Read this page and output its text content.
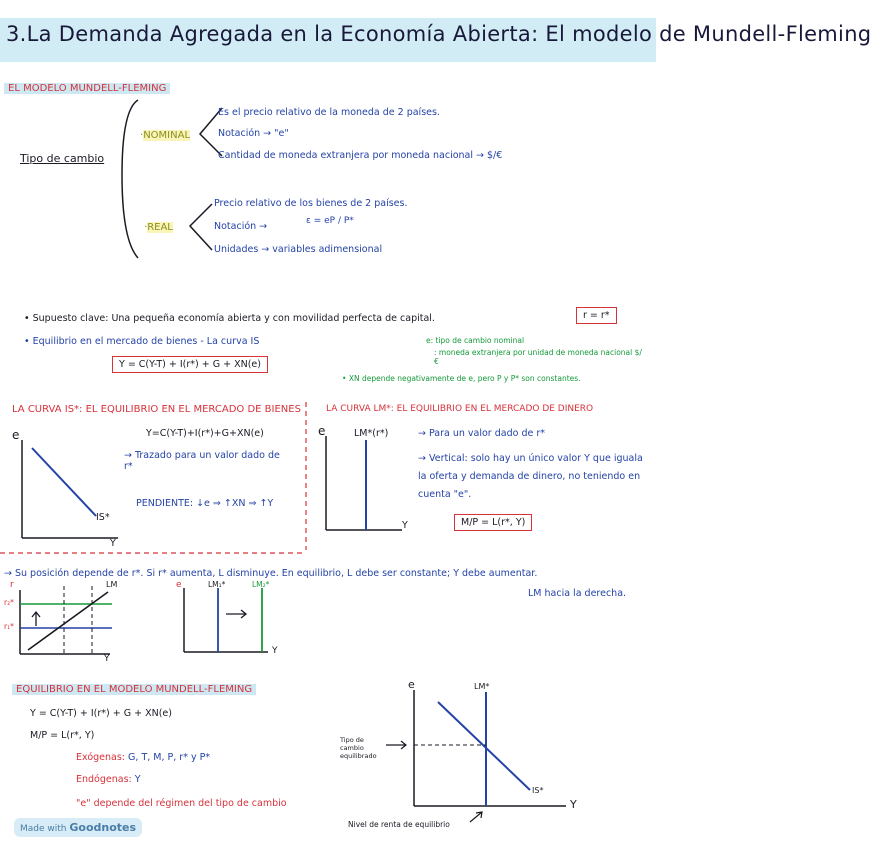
3.La Demanda Agregada en la Economía Abierta: El modelo de Mundell-Fleming
EL MODELO MUNDELL-FLEMING
Tipo de cambio
·NOMINAL
Es el precio relativo de la moneda de 2 países.
Notación → "e"
Cantidad de moneda extranjera por moneda nacional → $/€
·REAL
Precio relativo de los bienes de 2 países.
Notación →	ε = eP / P*
Unidades → variables adimensional
• Supuesto clave: Una pequeña economía abierta y con movilidad perfecta de capital.	r = r*
• Equilibrio en el mercado de bienes - La curva IS
Y = C(Y-T) + I(r*) + G + XN(e)
e: tipo de cambio nominal
: moneda extranjera por unidad de moneda nacional $/€
• XN depende negativamente de e, pero P y P* son constantes.
LA CURVA IS*: EL EQUILIBRIO EN EL MERCADO DE BIENES
e	Y=C(Y-T)+I(r*)+G+XN(e)
→ Trazado para un valor dado de r*
PENDIENTE: ↓e ⇒ ↑XN ⇒ ↑Y
IS*
Y
LA CURVA LM*: EL EQUILIBRIO EN EL MERCADO DE DINERO
e	LM*(r*)	→ Para un valor dado de r*
→ Vertical: solo hay un único valor Y que iguala la oferta y demanda de dinero, no teniendo en cuenta "e".
M/P = L(r*, Y)
Y
→ Su posición depende de r*. Si r* aumenta, L disminuye. En equilibrio, L debe ser constante; Y debe aumentar.
LM hacia la derecha.
r	LM
r₂*
r₁*
Y
e	LM₁*	LM₂*
Y
EQUILIBRIO EN EL MODELO MUNDELL-FLEMING
Y = C(Y-T) + I(r*) + G + XN(e)
M/P = L(r*, Y)
Exógenas: G, T, M, P, r* y P*
Endógenas: Y
"e" depende del régimen del tipo de cambio
e	LM*
IS*
Y
Tipo de cambio equilibrado
Nivel de renta de equilibrio
Made with Goodnotes
